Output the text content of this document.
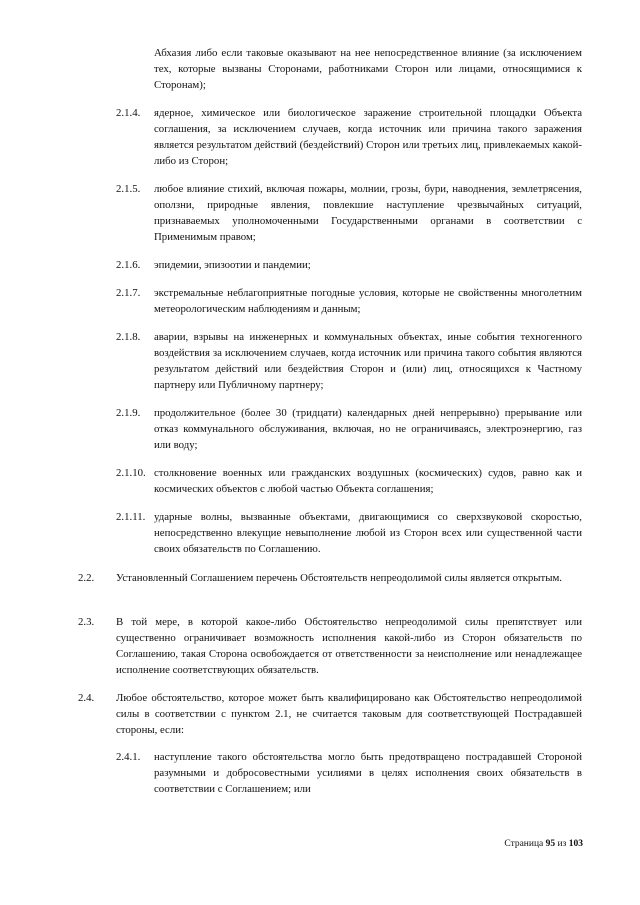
Абхазия либо если таковые оказывают на нее непосредственное влияние (за исключением тех, которые вызваны Сторонами, работниками Сторон или лицами, относящимися к Сторонам);
2.1.4. ядерное, химическое или биологическое заражение строительной площадки Объекта соглашения, за исключением случаев, когда источник или причина такого заражения является результатом действий (бездействий) Сторон или третьих лиц, привлекаемых какой-либо из Сторон;
2.1.5. любое влияние стихий, включая пожары, молнии, грозы, бури, наводнения, землетрясения, оползни, природные явления, повлекшие наступление чрезвычайных ситуаций, признаваемых уполномоченными Государственными органами в соответствии с Применимым правом;
2.1.6. эпидемии, эпизоотии и пандемии;
2.1.7. экстремальные неблагоприятные погодные условия, которые не свойственны многолетним метеорологическим наблюдениям и данным;
2.1.8. аварии, взрывы на инженерных и коммунальных объектах, иные события техногенного воздействия за исключением случаев, когда источник или причина такого события являются результатом действий или бездействия Сторон и (или) лиц, относящихся к Частному партнеру или Публичному партнеру;
2.1.9. продолжительное (более 30 (тридцати) календарных дней непрерывно) прерывание или отказ коммунального обслуживания, включая, но не ограничиваясь, электроэнергию, газ или воду;
2.1.10. столкновение военных или гражданских воздушных (космических) судов, равно как и космических объектов с любой частью Объекта соглашения;
2.1.11. ударные волны, вызванные объектами, двигающимися со сверхзвуковой скоростью, непосредственно влекущие невыполнение любой из Сторон всех или существенной части своих обязательств по Соглашению.
2.2. Установленный Соглашением перечень Обстоятельств непреодолимой силы является открытым.
2.3. В той мере, в которой какое-либо Обстоятельство непреодолимой силы препятствует или существенно ограничивает возможность исполнения какой-либо из Сторон обязательств по Соглашению, такая Сторона освобождается от ответственности за неисполнение или ненадлежащее исполнение соответствующих обязательств.
2.4. Любое обстоятельство, которое может быть квалифицировано как Обстоятельство непреодолимой силы в соответствии с пунктом 2.1, не считается таковым для соответствующей Пострадавшей стороны, если:
2.4.1. наступление такого обстоятельства могло быть предотвращено пострадавшей Стороной разумными и добросовестными усилиями в целях исполнения своих обязательств в соответствии с Соглашением; или
Страница 95 из 103
